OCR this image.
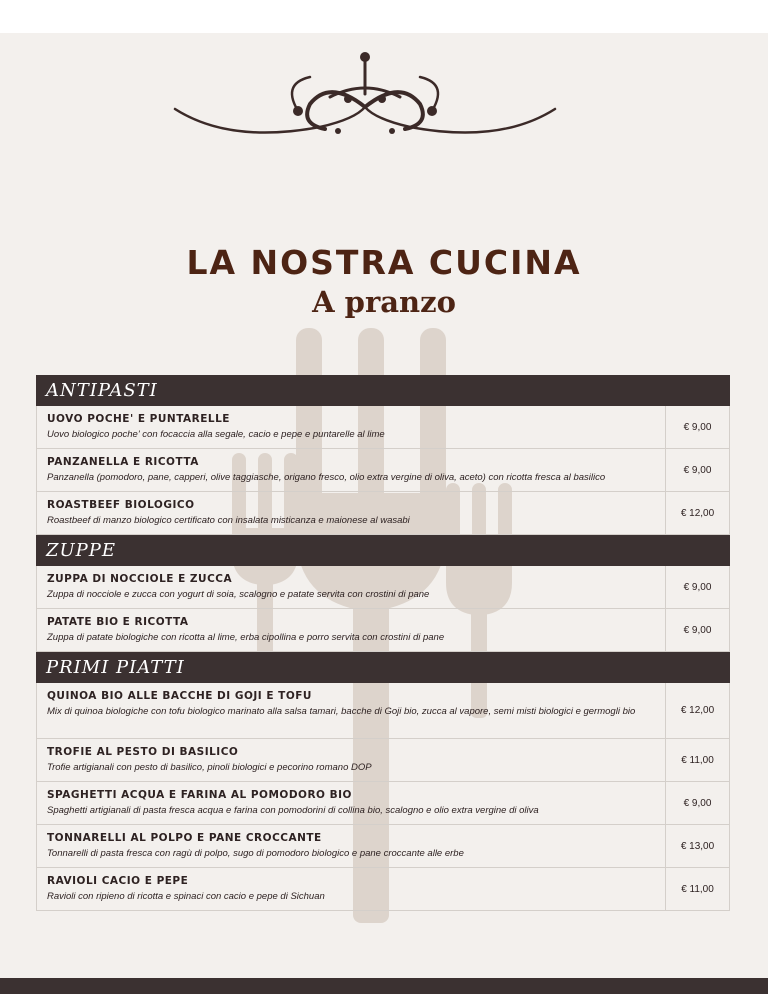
LA NOSTRA CUCINA
A pranzo
ANTIPASTI
UOVO POCHE' E PUNTARELLE
Uovo biologico poche' con focaccia alla segale, cacio e pepe e puntarelle al lime
€ 9,00
PANZANELLA E RICOTTA
Panzanella (pomodoro, pane, capperi, olive taggiasche, origano fresco, olio extra vergine di oliva, aceto) con ricotta fresca al basilico
€ 9,00
ROASTBEEF BIOLOGICO
Roastbeef di manzo biologico certificato con insalata misticanza e maionese al wasabi
€ 12,00
ZUPPE
ZUPPA DI NOCCIOLE E ZUCCA
Zuppa di nocciole e zucca con yogurt di soia, scalogno e patate servita con crostini di pane
€ 9,00
PATATE BIO E RICOTTA
Zuppa di patate biologiche con ricotta al lime, erba cipollina e porro servita con crostini di pane
€ 9,00
PRIMI PIATTI
QUINOA BIO ALLE BACCHE DI GOJI E TOFU
Mix di quinoa biologiche con tofu biologico marinato alla salsa tamari, bacche di Goji bio, zucca al vapore, semi misti biologici e germogli bio	€ 12,00
TROFIE AL PESTO DI BASILICO
Trofie artigianali con pesto di basilico, pinoli biologici e pecorino romano DOP
€ 11,00
SPAGHETTI ACQUA E FARINA AL POMODORO BIO
Spaghetti artigianali di pasta fresca acqua e farina con pomodorini di collina bio, scalogno e olio extra vergine di oliva
€ 9,00
TONNARELLI AL POLPO E PANE CROCCANTE
Tonnarelli di pasta fresca con ragù di polpo, sugo di pomodoro biologico e pane croccante alle erbe
€ 13,00
RAVIOLI CACIO E PEPE
Ravioli con ripieno di ricotta e spinaci con cacio e pepe di Sichuan
€ 11,00
